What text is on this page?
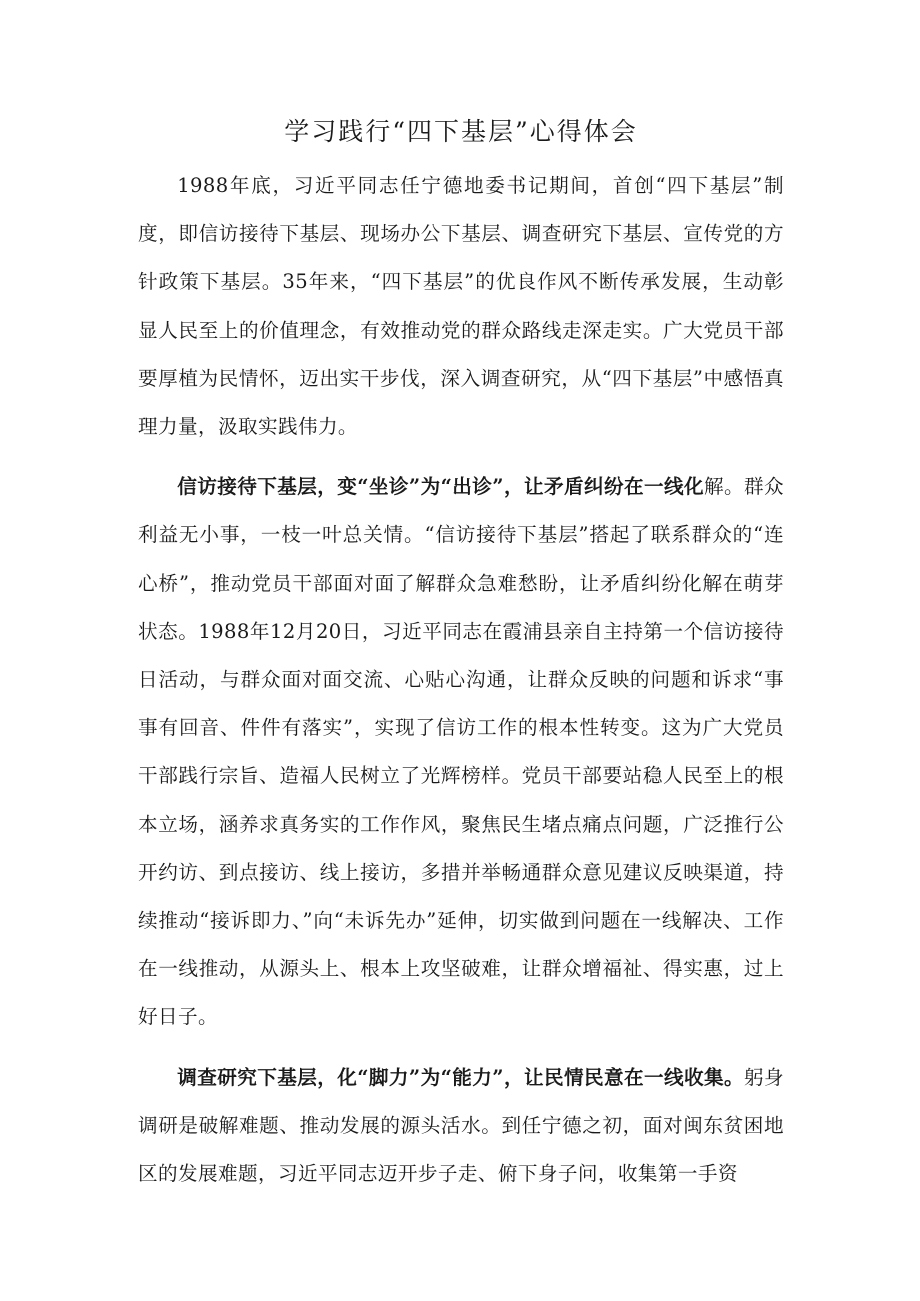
学习践行“四下基层”心得体会

1988年底，习近平同志任宁德地委书记期间，首创“四下基层”制度，即信访接待下基层、现场办公下基层、调查研究下基层、宣传党的方针政策下基层。35年来，“四下基层”的优良作风不断传承发展，生动彰显人民至上的价值理念，有效推动党的群众路线走深走实。广大党员干部要厚植为民情怀，迈出实干步伐，深入调查研究，从“四下基层”中感悟真理力量，汲取实践伟力。

信访接待下基层，变“坐诊”为“出诊”，让矛盾纠纷在一线化解。群众利益无小事，一枝一叶总关情。“信访接待下基层”搭起了联系群众的“连心桥”，推动党员干部面对面了解群众急难愁盼，让矛盾纠纷化解在萌芽状态。1988年12月20日，习近平同志在霞浦县亲自主持第一个信访接待日活动，与群众面对面交流、心贴心沟通，让群众反映的问题和诉求“事事有回音、件件有落实”，实现了信访工作的根本性转变。这为广大党员干部践行宗旨、造福人民树立了光辉榜样。党员干部要站稳人民至上的根本立场，涵养求真务实的工作作风，聚焦民生堵点痛点问题，广泛推行公开约访、到点接访、线上接访，多措并举畅通群众意见建议反映渠道，持续推动“接诉即力、”向“未诉先办”延伸，切实做到问题在一线解决、工作在一线推动，从源头上、根本上攻坚破难，让群众增福祉、得实惠，过上好日子。

调查研究下基层，化“脚力”为“能力”，让民情民意在一线收集。躬身调研是破解难题、推动发展的源头活水。到任宁德之初，面对闽东贫困地区的发展难题，习近平同志迈开步子走、俯下身子问，收集第一手资
